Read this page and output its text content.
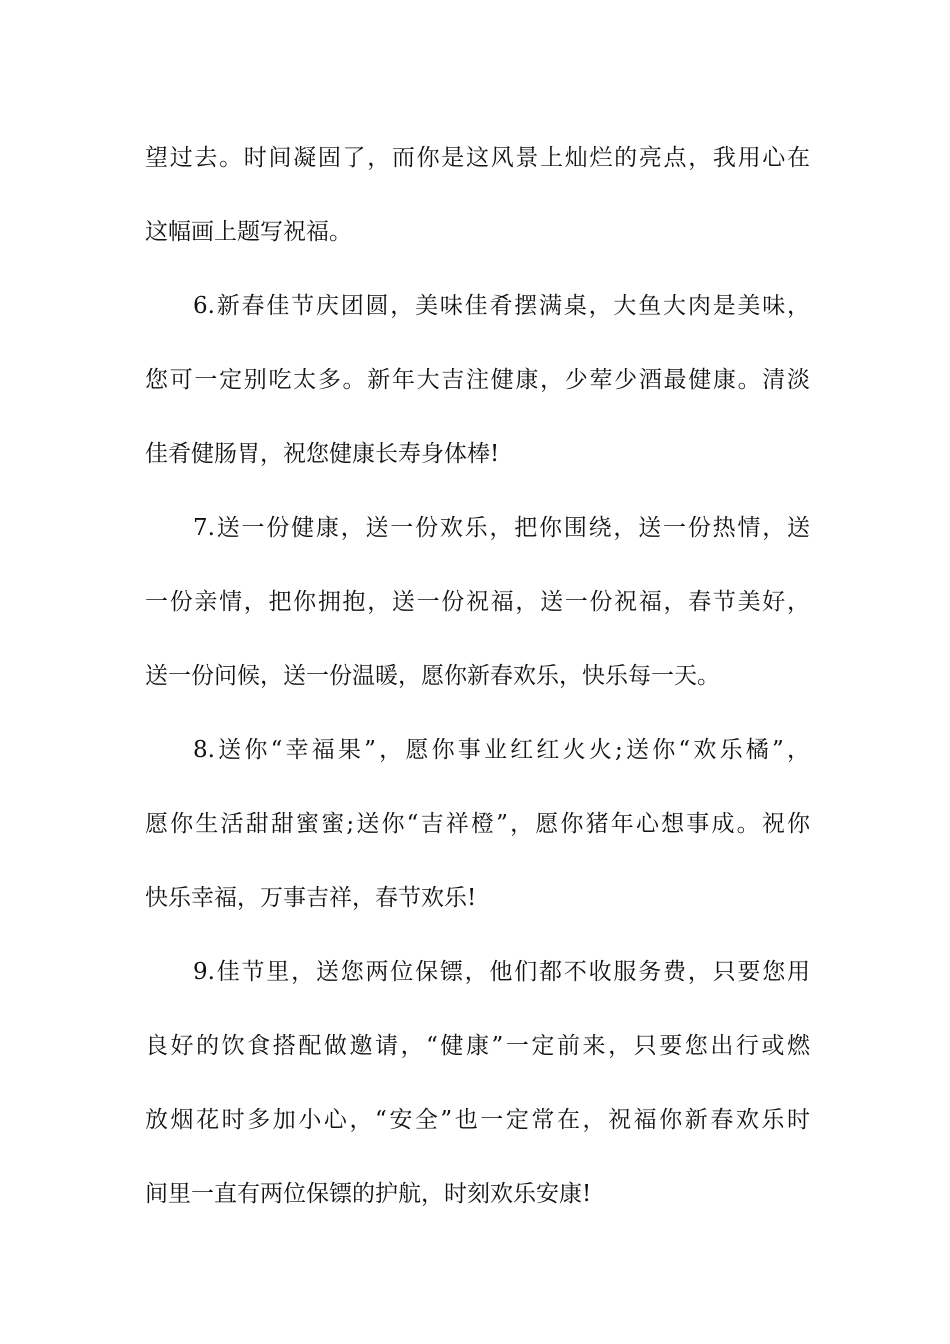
望过去。时间凝固了，而你是这风景上灿烂的亮点，我用心在
这幅画上题写祝福。
6.新春佳节庆团圆，美味佳肴摆满桌，大鱼大肉是美味，
您可一定别吃太多。新年大吉注健康，少荤少酒最健康。清淡
佳肴健肠胃，祝您健康长寿身体棒!
7.送一份健康，送一份欢乐，把你围绕，送一份热情，送
一份亲情，把你拥抱，送一份祝福，送一份祝福，春节美好，
送一份问候，送一份温暖，愿你新春欢乐，快乐每一天。
8.送你“幸福果”，愿你事业红红火火;送你“欢乐橘”，
愿你生活甜甜蜜蜜;送你“吉祥橙”，愿你猪年心想事成。祝你
快乐幸福，万事吉祥，春节欢乐!
9.佳节里，送您两位保镖，他们都不收服务费，只要您用
良好的饮食搭配做邀请，“健康”一定前来，只要您出行或燃
放烟花时多加小心，“安全”也一定常在，祝福你新春欢乐时
间里一直有两位保镖的护航，时刻欢乐安康!
